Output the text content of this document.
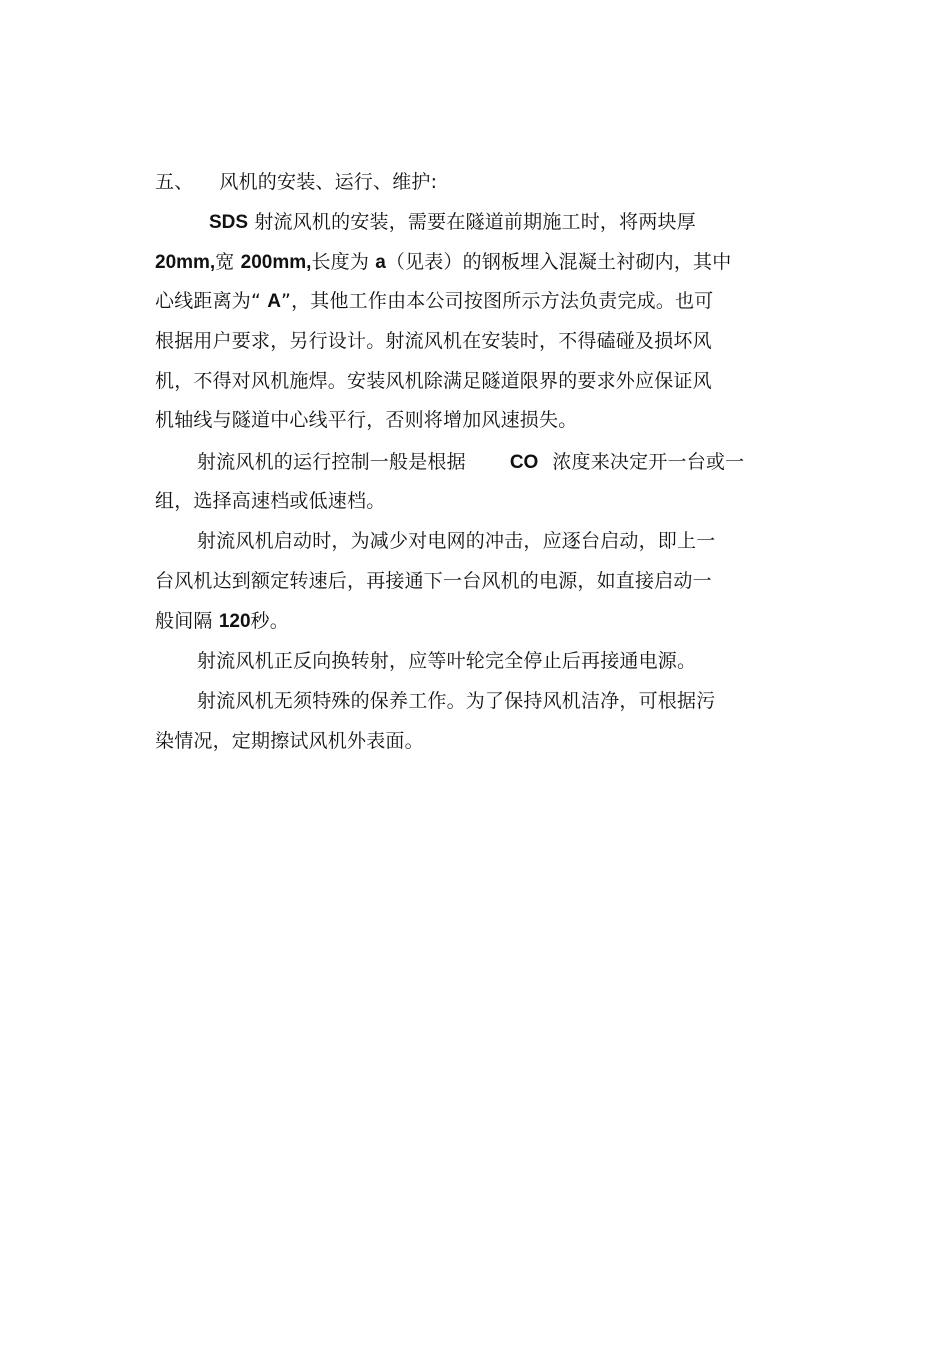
五、 风机的安装、运行、维护:
SDS 射流风机的安装，需要在隧道前期施工时，将两块厚
20mm,宽 200mm,长度为 a（见表）的钢板埋入混凝土衬砌内，其中
心线距离为“ A”，其他工作由本公司按图所示方法负责完成。也可
根据用户要求，另行设计。射流风机在安装时，不得磕碰及损坏风
机，不得对风机施焊。安装风机除满足隧道限界的要求外应保证风
机轴线与隧道中心线平行，否则将增加风速损失。
射流风机的运行控制一般是根据 CO 浓度来决定开一台或一
组，选择高速档或低速档。
射流风机启动时，为减少对电网的冲击，应逐台启动，即上一
台风机达到额定转速后，再接通下一台风机的电源，如直接启动一
般间隔 120秒。
射流风机正反向换转射，应等叶轮完全停止后再接通电源。
射流风机无须特殊的保养工作。为了保持风机洁净，可根据污
染情况，定期擦试风机外表面。
